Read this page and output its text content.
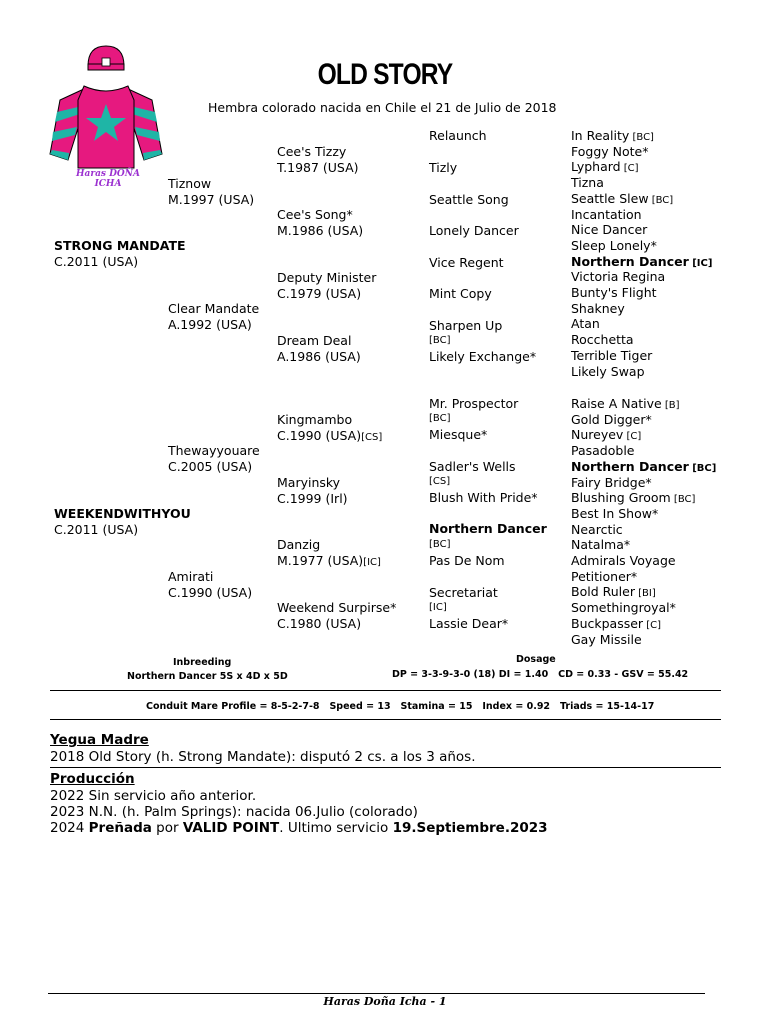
OLD STORY
Hembra colorado nacida en Chile el 21 de Julio de 2018
Haras DOÑA ICHA
STRONG MANDATE
C.2011 (USA)
WEEKENDWITHYOU
C.2011 (USA)
Tiznow
M.1997 (USA)
Clear Mandate
A.1992 (USA)
Thewayyouare
C.2005 (USA)
Amirati
C.1990 (USA)
Cee's Tizzy
T.1987 (USA)
Cee's Song*
M.1986 (USA)
Deputy Minister
C.1979 (USA)
Dream Deal
A.1986 (USA)
Kingmambo
C.1990 (USA)[CS]
Maryinsky
C.1999 (Irl)
Danzig
M.1977 (USA)[IC]
Weekend Surpirse*
C.1980 (USA)
Relaunch
Tizly
Seattle Song
Lonely Dancer
Vice Regent
Mint Copy
Sharpen Up
[BC]
Likely Exchange*
Mr. Prospector
[BC]
Miesque*
Sadler's Wells
[CS]
Blush With Pride*
Northern Dancer
[BC]
Pas De Nom
Secretariat
[IC]
Lassie Dear*
In Reality [BC]
Foggy Note*
Lyphard [C]
Tizna
Seattle Slew [BC]
Incantation
Nice Dancer
Sleep Lonely*
Northern Dancer [IC]
Victoria Regina
Bunty's Flight
Shakney
Atan
Rocchetta
Terrible Tiger
Likely Swap
Raise A Native [B]
Gold Digger*
Nureyev [C]
Pasadoble
Northern Dancer [BC]
Fairy Bridge*
Blushing Groom [BC]
Best In Show*
Nearctic
Natalma*
Admirals Voyage
Petitioner*
Bold Ruler [BI]
Somethingroyal*
Buckpasser [C]
Gay Missile
Inbreeding
Northern Dancer 5S x 4D x 5D
Dosage
DP = 3-3-9-3-0 (18) DI = 1.40   CD = 0.33 - GSV = 55.42
Conduit Mare Profile = 8-5-2-7-8   Speed = 13   Stamina = 15   Index = 0.92   Triads = 15-14-17
Yegua Madre
2018 Old Story (h. Strong Mandate): disputó 2 cs. a los 3 años.
Producción
2022 Sin servicio año anterior.
2023 N.N. (h. Palm Springs): nacida 06.Julio (colorado)
2024 Preñada por VALID POINT. Ultimo servicio 19.Septiembre.2023
Haras Doña Icha - 1
